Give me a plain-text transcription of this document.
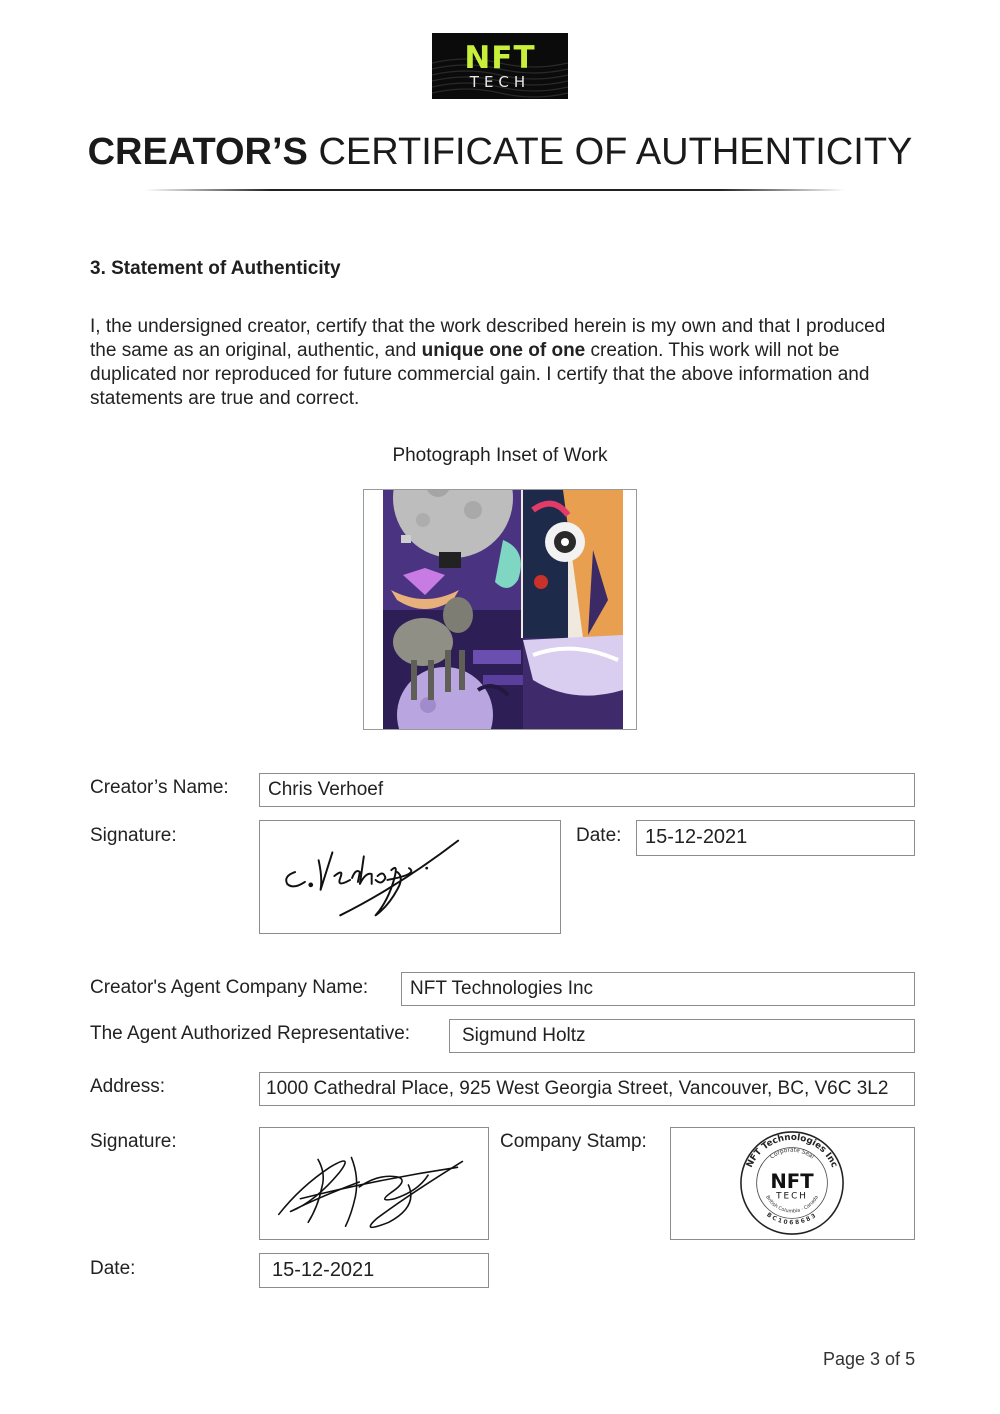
NFT
TECH
CREATOR’S CERTIFICATE OF AUTHENTICITY
3. Statement of Authenticity
I, the undersigned creator, certify that the work described herein is my own and that I produced the same as an original, authentic, and unique one of one creation. This work will not be duplicated nor reproduced for future commercial gain. I certify that the above information and statements are true and correct.
Photograph Inset of Work
Creator’s Name:	Chris Verhoef
Signature:	Date:	15-12-2021
Creator's Agent Company Name:	NFT Technologies Inc
The Agent Authorized Representative:	Sigmund Holtz
Address:	1000 Cathedral Place, 925 West Georgia Street, Vancouver, BC, V6C 3L2
Signature:	Company Stamp:
NFT Technologies Inc
Corporate Seal
British Columbia · Canada
BC1068683
NFT
TECH
Date:	15-12-2021
Page 3 of 5
